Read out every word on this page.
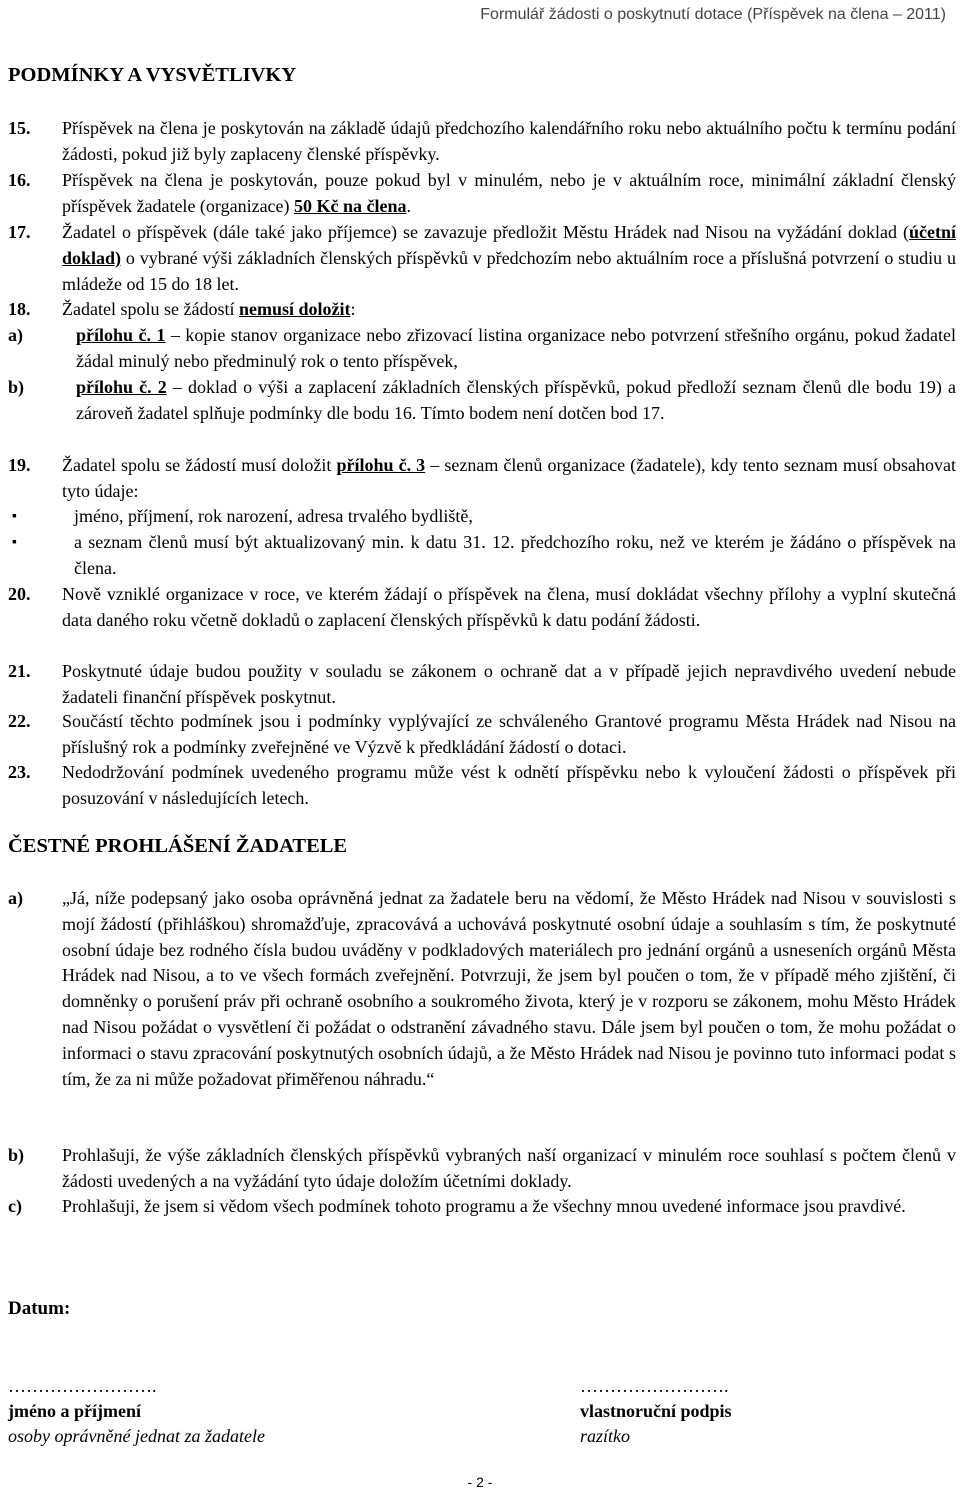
Formulář žádosti o poskytnutí dotace (Příspěvek na člena – 2011)
PODMÍNKY A VYSVĚTLIVKY
15. Příspěvek na člena je poskytován na základě údajů předchozího kalendářního roku nebo aktuálního počtu k termínu podání žádosti, pokud již byly zaplaceny členské příspěvky.
16. Příspěvek na člena je poskytován, pouze pokud byl v minulém, nebo je v aktuálním roce, minimální základní členský příspěvek žadatele (organizace) 50 Kč na člena.
17. Žadatel o příspěvek (dále také jako příjemce) se zavazuje předložit Městu Hrádek nad Nisou na vyžádání doklad (účetní doklad) o vybrané výši základních členských příspěvků v předchozím nebo aktuálním roce a příslušná potvrzení o studiu u mládeže od 15 do 18 let.
18. Žadatel spolu se žádostí nemusí doložit:
a)	přílohu č. 1 – kopie stanov organizace nebo zřizovací listina organizace nebo potvrzení střešního orgánu, pokud žadatel žádal minulý nebo předminulý rok o tento příspěvek,
b)	přílohu č. 2 – doklad o výši a zaplacení základních členských příspěvků, pokud předloží seznam členů dle bodu 19) a zároveň žadatel splňuje podmínky dle bodu 16. Tímto bodem není dotčen bod 17.
19. Žadatel spolu se žádostí musí doložit přílohu č. 3 – seznam členů organizace (žadatele), kdy tento seznam musí obsahovat tyto údaje:
▪	jméno, příjmení, rok narození, adresa trvalého bydliště,
▪	a seznam členů musí být aktualizovaný min. k datu 31. 12. předchozího roku, než ve kterém je žádáno o příspěvek na člena.
20. Nově vzniklé organizace v roce, ve kterém žádají o příspěvek na člena, musí dokládat všechny přílohy a vyplní skutečná data daného roku včetně dokladů o zaplacení členských příspěvků k datu podání žádosti.
21. Poskytnuté údaje budou použity v souladu se zákonem o ochraně dat a v případě jejich nepravdivého uvedení nebude žadateli finanční příspěvek poskytnut.
22. Součástí těchto podmínek jsou i podmínky vyplývající ze schváleného Grantové programu Města Hrádek nad Nisou na příslušný rok a podmínky zveřejněné ve Výzvě k předkládání žádostí o dotaci.
23. Nedodržování podmínek uvedeného programu může vést k odnětí příspěvku nebo k vyloučení žádosti o příspěvek při posuzování v následujících letech.
ČESTNÉ PROHLÁŠENÍ ŽADATELE
a) „Já, níže podepsaný jako osoba oprávněná jednat za žadatele beru na vědomí, že Město Hrádek nad Nisou v souvislosti s mojí žádostí (přihláškou) shromažďuje, zpracovává a uchovává poskytnuté osobní údaje a souhlasím s tím, že poskytnuté osobní údaje bez rodného čísla budou uváděny v podkladových materiálech pro jednání orgánů a usneseních orgánů Města Hrádek nad Nisou, a to ve všech formách zveřejnění. Potvrzuji, že jsem byl poučen o tom, že v případě mého zjištění, či domněnky o porušení práv při ochraně osobního a soukromého života, který je v rozporu se zákonem, mohu Město Hrádek nad Nisou požádat o vysvětlení či požádat o odstranění závadného stavu. Dále jsem byl poučen o tom, že mohu požádat o informaci o stavu zpracování poskytnutých osobních údajů, a že Město Hrádek nad Nisou je povinno tuto informaci podat s tím, že za ni může požadovat přiměřenou náhradu.“
b) Prohlašuji, že výše základních členských příspěvků vybraných naší organizací v minulém roce souhlasí s počtem členů v žádosti uvedených a na vyžádání tyto údaje doložím účetními doklady.
c) Prohlašuji, že jsem si vědom všech podmínek tohoto programu a že všechny mnou uvedené informace jsou pravdivé.
Datum:
…………………….
jméno a příjmení
osoby oprávněné jednat za žadatele
…………………….
vlastnoruční podpis
razítko
- 2 -
